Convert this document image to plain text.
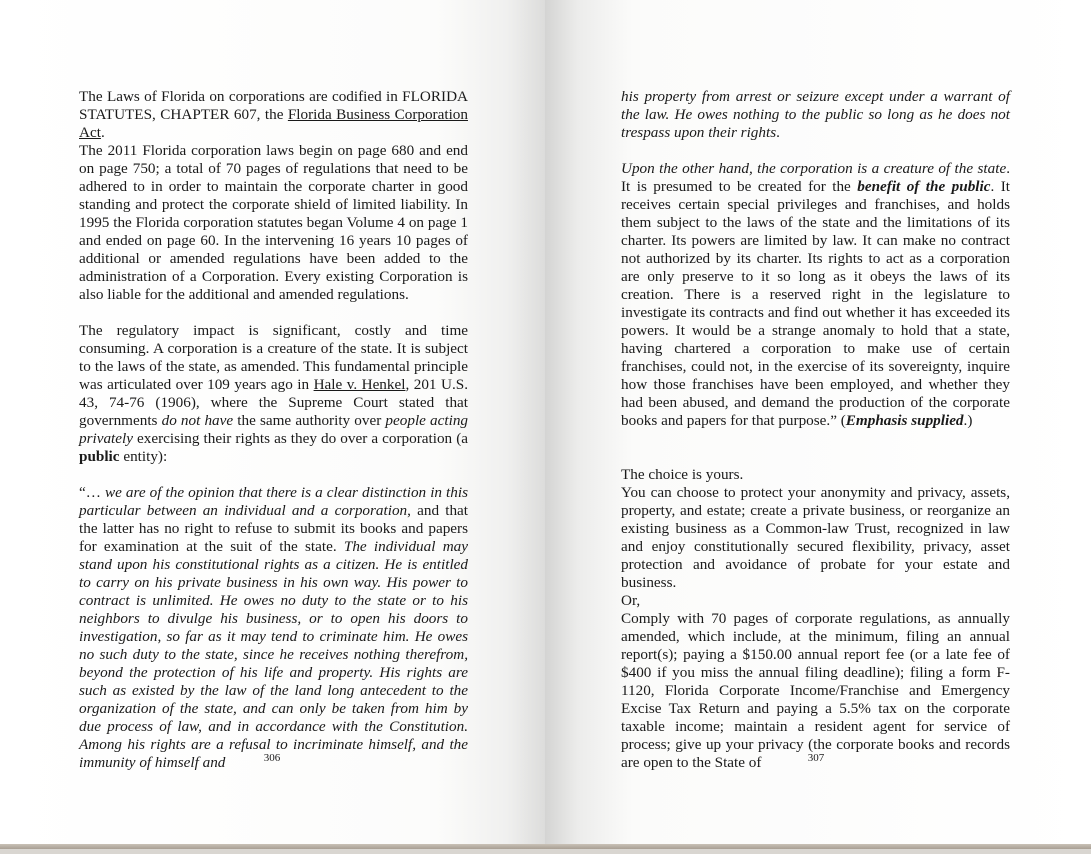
The Laws of Florida on corporations are codified in FLORIDA STATUTES, CHAPTER 607, the Florida Business Corporation Act.

The 2011 Florida corporation laws begin on page 680 and end on page 750; a total of 70 pages of regulations that need to be adhered to in order to maintain the corporate charter in good standing and protect the corporate shield of limited liability. In 1995 the Florida corporation statutes began Volume 4 on page 1 and ended on page 60. In the intervening 16 years 10 pages of additional or amended regulations have been added to the administration of a Corporation. Every existing Corporation is also liable for the additional and amended regulations.

The regulatory impact is significant, costly and time consuming. A corporation is a creature of the state. It is subject to the laws of the state, as amended. This fundamental principle was articulated over 109 years ago in Hale v. Henkel, 201 U.S. 43, 74-76 (1906), where the Supreme Court stated that governments do not have the same authority over people acting privately exercising their rights as they do over a corporation (a public entity):

“… we are of the opinion that there is a clear distinction in this particular between an individual and a corporation, and that the latter has no right to refuse to submit its books and papers for examination at the suit of the state. The individual may stand upon his constitutional rights as a citizen. He is entitled to carry on his private business in his own way. His power to contract is unlimited. He owes no duty to the state or to his neighbors to divulge his business, or to open his doors to investigation, so far as it may tend to criminate him. He owes no such duty to the state, since he receives nothing therefrom, beyond the protection of his life and property. His rights are such as existed by the law of the land long antecedent to the organization of the state, and can only be taken from him by due process of law, and in accordance with the Constitution. Among his rights are a refusal to incriminate himself, and the immunity of himself and	306

his property from arrest or seizure except under a warrant of the law. He owes nothing to the public so long as he does not trespass upon their rights.

Upon the other hand, the corporation is a creature of the state. It is presumed to be created for the benefit of the public. It receives certain special privileges and franchises, and holds them subject to the laws of the state and the limitations of its charter. Its powers are limited by law. It can make no contract not authorized by its charter. Its rights to act as a corporation are only preserve to it so long as it obeys the laws of its creation. There is a reserved right in the legislature to investigate its contracts and find out whether it has exceeded its powers. It would be a strange anomaly to hold that a state, having chartered a corporation to make use of certain franchises, could not, in the exercise of its sovereignty, inquire how those franchises have been employed, and whether they had been abused, and demand the production of the corporate books and papers for that purpose.” (Emphasis supplied.)

The choice is yours.

You can choose to protect your anonymity and privacy, assets, property, and estate; create a private business, or reorganize an existing business as a Common-law Trust, recognized in law and enjoy constitutionally secured flexibility, privacy, asset protection and avoidance of probate for your estate and business.

Or,

Comply with 70 pages of corporate regulations, as annually amended, which include, at the minimum, filing an annual report(s); paying a $150.00 annual report fee (or a late fee of $400 if you miss the annual filing deadline); filing a form F-1120, Florida Corporate Income/Franchise and Emergency Excise Tax Return and paying a 5.5% tax on the corporate taxable income; maintain a resident agent for service of process; give up your privacy (the corporate books and records are open to the State of	307
